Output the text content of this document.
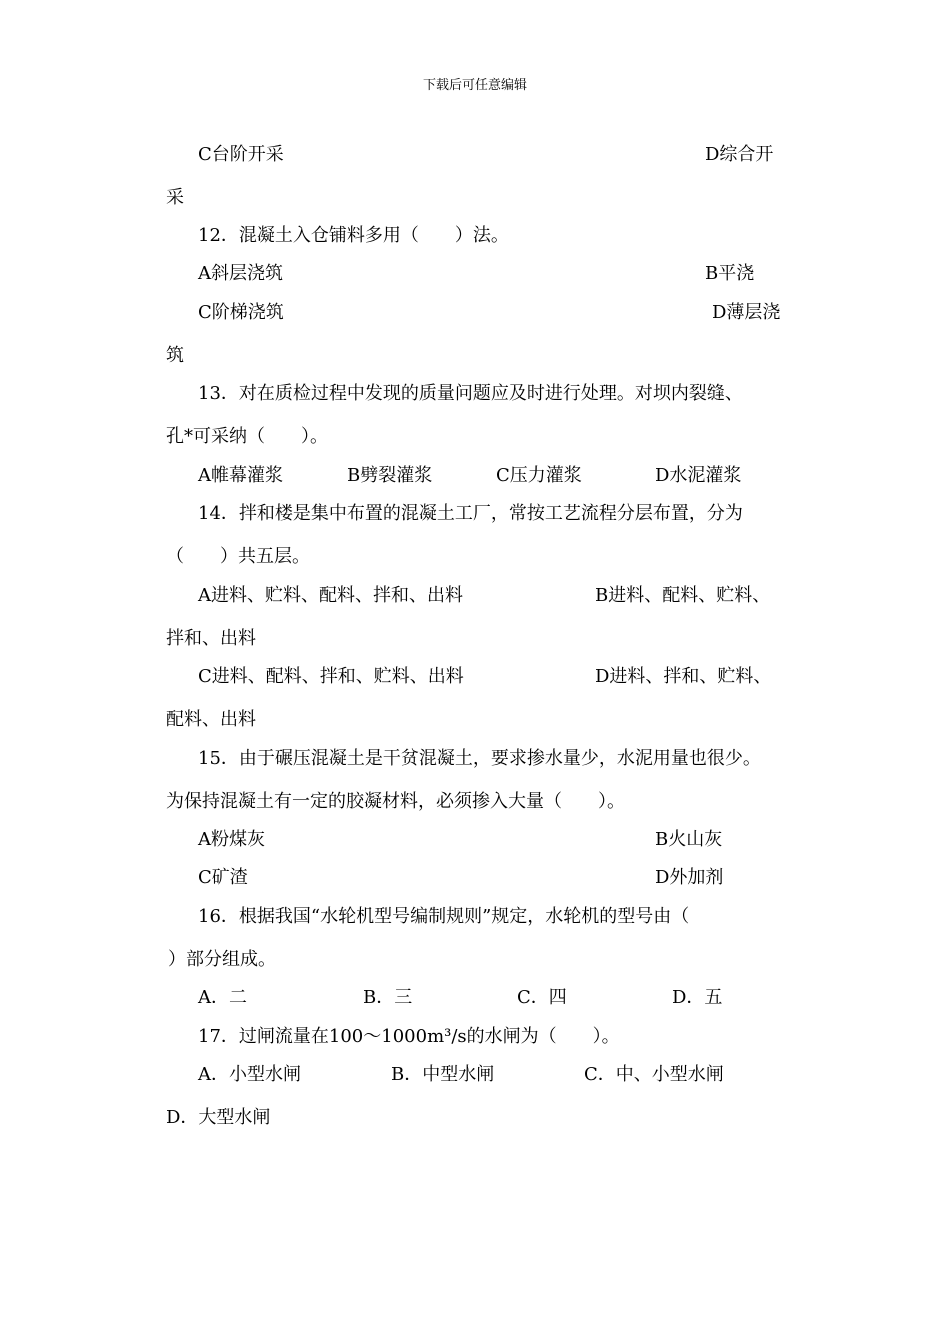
下载后可任意编辑
C台阶开采	D综合开
采
12．混凝土入仓铺料多用（　　）法。
A斜层浇筑	B平浇
C阶梯浇筑	D薄层浇
筑
13．对在质检过程中发现的质量问题应及时进行处理。对坝内裂缝、
孔*可采纳（　　）。
A帷幕灌浆	B劈裂灌浆	C压力灌浆	D水泥灌浆
14．拌和楼是集中布置的混凝土工厂，常按工艺流程分层布置，分为
（　　）共五层。
A进料、贮料、配料、拌和、出料	B进料、配料、贮料、
拌和、出料
C进料、配料、拌和、贮料、出料	D进料、拌和、贮料、
配料、出料
15．由于碾压混凝土是干贫混凝土，要求掺水量少，水泥用量也很少。
为保持混凝土有一定的胶凝材料，必须掺入大量（　　）。
A粉煤灰	B火山灰
C矿渣	D外加剂
16．根据我国“水轮机型号编制规则”规定，水轮机的型号由（
）部分组成。
A．二	B．三	C．四	D．五
17．过闸流量在100～1000m³/s的水闸为（　　）。
A．小型水闸	B．中型水闸	C．中、小型水闸
D．大型水闸
